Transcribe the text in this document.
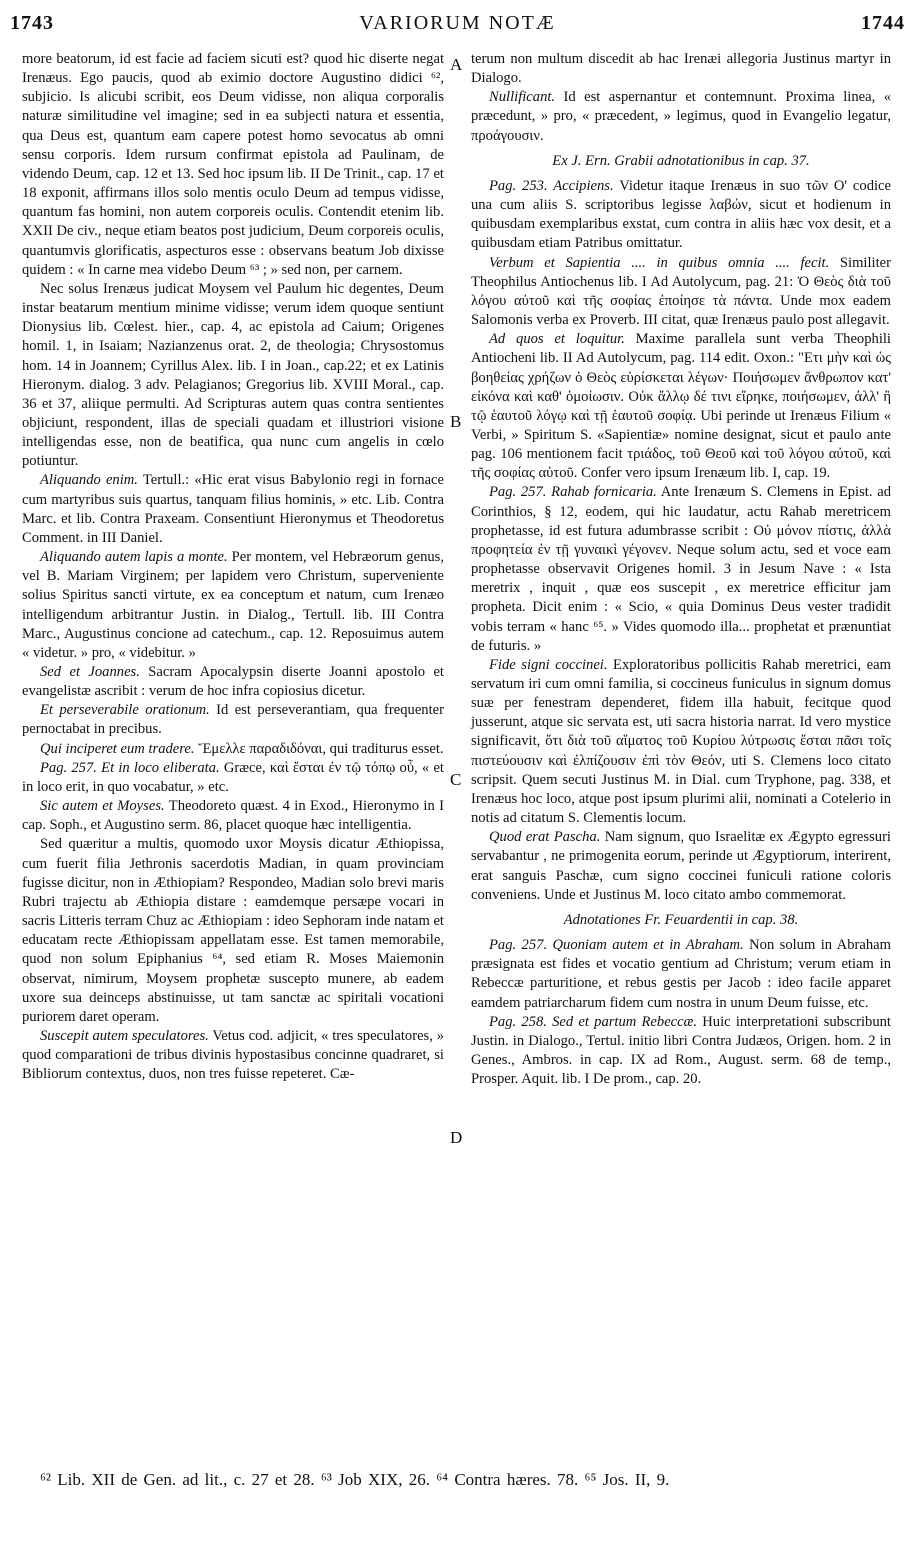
1743	VARIORUM NOTÆ	1744

more beatorum, id est facie ad faciem sicuti est? quod hic diserte negat Irenæus. Ego paucis, quod ab eximio doctore Augustino didici ⁶², subjicio. Is alicubi scribit, eos Deum vidisse, non aliqua corporalis naturæ similitudine vel imagine; sed in ea subjecti natura et essentia, qua Deus est, quantum eam capere potest homo sevocatus ab omni sensu corporis. Idem rursum confirmat epistola ad Paulinam, de videndo Deum, cap. 12 et 13. Sed hoc ipsum lib. II De Trinit., cap. 17 et 18 exponit, affirmans illos solo mentis oculo Deum ad tempus vidisse, quantum fas homini, non autem corporeis oculis. Contendit etenim lib. XXII De civ., neque etiam beatos post judicium, Deum corporeis oculis, quantumvis glorificatis, aspecturos esse : observans beatum Job dixisse quidem : « In carne mea videbo Deum ⁶³ ; » sed non, per carnem.

Nec solus Irenæus judicat Moysem vel Paulum hic degentes, Deum instar beatarum mentium minime vidisse; verum idem quoque sentiunt Dionysius lib. Cœlest. hier., cap. 4, ac epistola ad Caium; Origenes homil. 1, in Isaiam; Nazianzenus orat. 2, de theologia; Chrysostomus hom. 14 in Joannem; Cyrillus Alex. lib. I in Joan., cap.22; et ex Latinis Hieronym. dialog. 3 adv. Pelagianos; Gregorius lib. XVIII Moral., cap. 36 et 37, aliique permulti. Ad Scripturas autem quas contra sentientes objiciunt, respondent, illas de speciali quadam et illustriori visione intelligendas esse, non de beatifica, qua nunc cum angelis in cœlo potiuntur.

Aliquando enim. Tertull.: «Hic erat visus Babylonio regi in fornace cum martyribus suis quartus, tanquam filius hominis, » etc. Lib. Contra Marc. et lib. Contra Praxeam. Consentiunt Hieronymus et Theodoretus Comment. in III Daniel.

Aliquando autem lapis a monte. Per montem, vel Hebræorum genus, vel B. Mariam Virginem; per lapidem vero Christum, superveniente solius Spiritus sancti virtute, ex ea conceptum et natum, cum Irenæo intelligendum arbitrantur Justin. in Dialog., Tertull. lib. III Contra Marc., Augustinus concione ad catechum., cap. 12. Reposuimus autem « videtur. » pro, « videbitur. »

Sed et Joannes. Sacram Apocalypsin diserte Joanni apostolo et evangelistæ ascribit : verum de hoc infra copiosius dicetur.

Et perseverabile orationum. Id est perseverantiam, qua frequenter pernoctabat in precibus.

Qui inciperet eum tradere. Ἔμελλε παραδιδόναι, qui traditurus esset.

Pag. 257. Et in loco eliberata. Græce, καὶ ἔσται ἐν τῷ τόπῳ οὗ, « et in loco erit, in quo vocabatur, » etc.

Sic autem et Moyses. Theodoreto quæst. 4 in Exod., Hieronymo in I cap. Soph., et Augustino serm. 86, placet quoque hæc intelligentia.

Sed quæritur a multis, quomodo uxor Moysis dicatur Æthiopissa, cum fuerit filia Jethronis sacerdotis Madian, in quam provinciam fugisse dicitur, non in Æthiopiam? Respondeo, Madian solo brevi maris Rubri trajectu ab Æthiopia distare : eamdemque persæpe vocari in sacris Litteris terram Chuz ac Æthiopiam : ideo Sephoram inde natam et educatam recte Æthiopissam appellatam esse. Est tamen memorabile, quod non solum Epiphanius ⁶⁴, sed etiam R. Moses Maiemonin observat, nimirum, Moysem prophetæ suscepto munere, ab eadem uxore sua deinceps abstinuisse, ut tam sanctæ ac spiritali vocationi puriorem daret operam.

Suscepit autem speculatores. Vetus cod. adjicit, « tres speculatores, » quod comparationi de tribus divinis hypostasibus concinne quadraret, si Bibliorum contextus, duos, non tres fuisse repeteret. Cæ-

terum non multum discedit ab hac Irenæi allegoria Justinus martyr in Dialogo.

Nullificant. Id est aspernantur et contemnunt. Proxima linea, « præcedunt, » pro, « præcedent, » legimus, quod in Evangelio legatur, προάγουσιν.

Ex J. Ern. Grabii adnotationibus in cap. 37.

Pag. 253. Accipiens. Videtur itaque Irenæus in suo τῶν Ο' codice una cum aliis S. scriptoribus legisse λαβών, sicut et hodienum in quibusdam exemplaribus exstat, cum contra in aliis hæc vox desit, et a quibusdam etiam Patribus omittatur.

Verbum et Sapientia .... in quibus omnia .... fecit. Similiter Theophilus Antiochenus lib. I Ad Autolycum, pag. 21: Ὁ Θεὸς διὰ τοῦ λόγου αὐτοῦ καὶ τῆς σοφίας ἐποίησε τὰ πάντα. Unde mox eadem Salomonis verba ex Proverb. III citat, quæ Irenæus paulo post allegavit.

Ad quos et loquitur. Maxime parallela sunt verba Theophili Antiocheni lib. II Ad Autolycum, pag. 114 edit. Oxon.: "Ετι μὴν καὶ ὡς βοηθείας χρήζων ὁ Θεὸς εὑρίσκεται λέγων· Ποιήσωμεν ἄνθρωπον κατ' εἰκόνα καὶ καθ' ὁμοίωσιν. Οὐκ ἄλλῳ δέ τινι εἴρηκε, ποιήσωμεν, ἀλλ' ἢ τῷ ἑαυτοῦ λόγῳ καὶ τῇ ἑαυτοῦ σοφίᾳ. Ubi perinde ut Irenæus Filium « Verbi, » Spiritum S. «Sapientiæ» nomine designat, sicut et paulo ante pag. 106 mentionem facit τριάδος, τοῦ Θεοῦ καὶ τοῦ λόγου αὐτοῦ, καὶ τῆς σοφίας αὐτοῦ. Confer vero ipsum Irenæum lib. I, cap. 19.

Pag. 257. Rahab fornicaria. Ante Irenæum S. Clemens in Epist. ad Corinthios, § 12, eodem, qui hic laudatur, actu Rahab meretricem prophetasse, id est futura adumbrasse scribit : Οὐ μόνον πίστις, ἀλλὰ προφητεία ἐν τῇ γυναικὶ γέγονεν. Neque solum actu, sed et voce eam prophetasse observavit Origenes homil. 3 in Jesum Nave : « Ista meretrix , inquit , quæ eos suscepit , ex meretrice efficitur jam propheta. Dicit enim : « Scio, « quia Dominus Deus vester tradidit vobis terram « hanc ⁶⁵. » Vides quomodo illa... prophetat et prænuntiat de futuris. »

Fide signi coccinei. Exploratoribus pollicitis Rahab meretrici, eam servatum iri cum omni familia, si coccineus funiculus in signum domus suæ per fenestram dependeret, fidem illa habuit, fecitque quod jusserunt, atque sic servata est, uti sacra historia narrat. Id vero mystice significavit, ὅτι διὰ τοῦ αἵματος τοῦ Κυρίου λύτρωσις ἔσται πᾶσι τοῖς πιστεύουσιν καὶ ἐλπίζουσιν ἐπὶ τὸν Θεόν, uti S. Clemens loco citato scripsit. Quem secuti Justinus M. in Dial. cum Tryphone, pag. 338, et Irenæus hoc loco, atque post ipsum plurimi alii, nominati a Cotelerio in notis ad citatum S. Clementis locum.

Quod erat Pascha. Nam signum, quo Israelitæ ex Ægypto egressuri servabantur , ne primogenita eorum, perinde ut Ægyptiorum, interirent, erat sanguis Paschæ, cum signo coccinei funiculi ratione coloris conveniens. Unde et Justinus M. loco citato ambo commemorat.

Adnotationes Fr. Feuardentii in cap. 38.

Pag. 257. Quoniam autem et in Abraham. Non solum in Abraham præsignata est fides et vocatio gentium ad Christum; verum etiam in Rebeccæ parturitione, et rebus gestis per Jacob : ideo facile apparet eamdem patriarcharum fidem cum nostra in unum Deum fuisse, etc.

Pag. 258. Sed et partum Rebeccæ. Huic interpretationi subscribunt Justin. in Dialogo., Tertul. initio libri Contra Judæos, Origen. hom. 2 in Genes., Ambros. in cap. IX ad Rom., August. serm. 68 de temp., Prosper. Aquit. lib. I De prom., cap. 20.

A
B
C
D
⁶² Lib. XII de Gen. ad lit., c. 27 et 28. ⁶³ Job XIX, 26. ⁶⁴ Contra hæres. 78. ⁶⁵ Jos. II, 9.
